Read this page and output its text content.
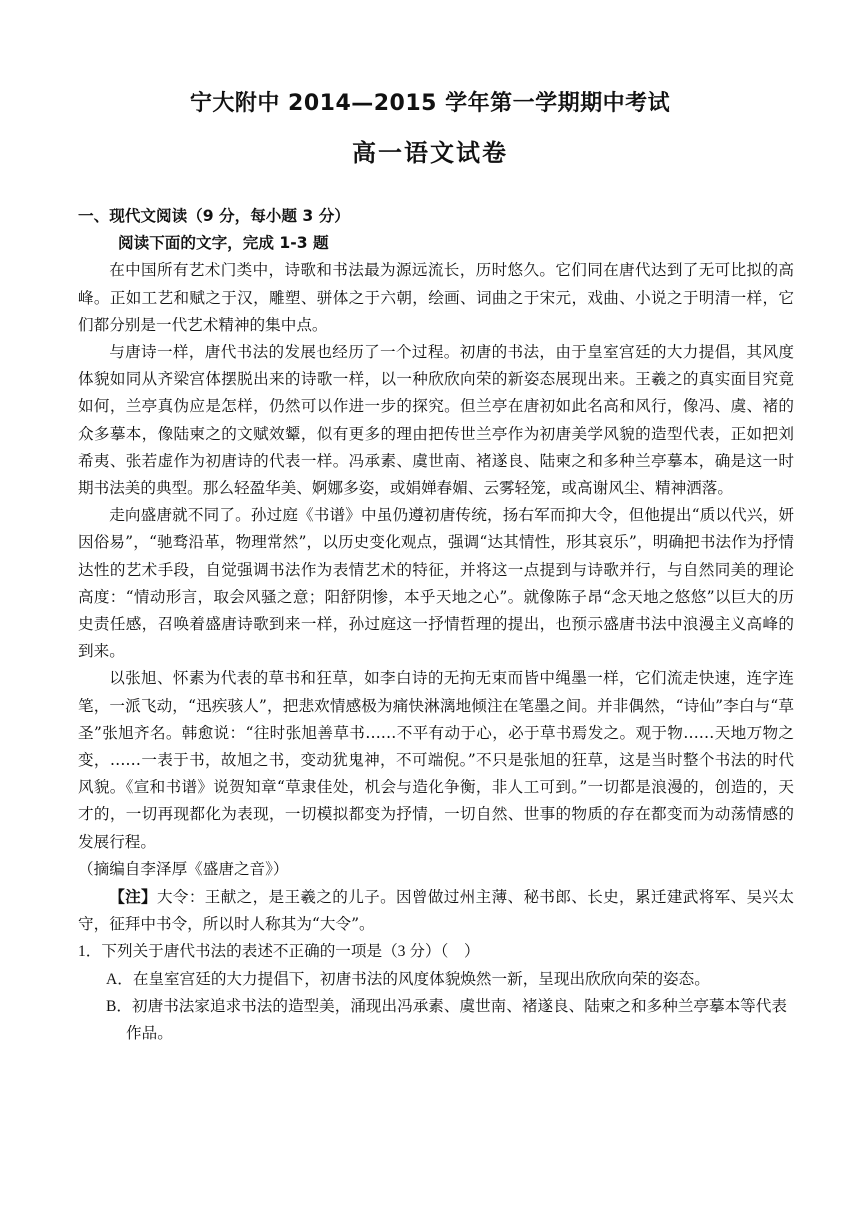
宁大附中 2014—2015 学年第一学期期中考试
高一语文试卷

一、现代文阅读（9 分，每小题 3 分）

阅读下面的文字，完成 1-3 题

在中国所有艺术门类中，诗歌和书法最为源远流长，历时悠久。它们同在唐代达到了无可比拟的高峰。正如工艺和赋之于汉，雕塑、骈体之于六朝，绘画、词曲之于宋元，戏曲、小说之于明清一样，它们都分别是一代艺术精神的集中点。

与唐诗一样，唐代书法的发展也经历了一个过程。初唐的书法，由于皇室宫廷的大力提倡，其风度体貌如同从齐梁宫体摆脱出来的诗歌一样，以一种欣欣向荣的新姿态展现出来。王羲之的真实面目究竟如何，兰亭真伪应是怎样，仍然可以作进一步的探究。但兰亭在唐初如此名高和风行，像冯、虞、褚的众多摹本，像陆柬之的文赋效颦，似有更多的理由把传世兰亭作为初唐美学风貌的造型代表，正如把刘希夷、张若虚作为初唐诗的代表一样。冯承素、虞世南、褚遂良、陆柬之和多种兰亭摹本，确是这一时期书法美的典型。那么轻盈华美、婀娜多姿，或娟婵春媚、云雾轻笼，或高谢风尘、精神洒落。

走向盛唐就不同了。孙过庭《书谱》中虽仍遵初唐传统，扬右军而抑大令，但他提出“质以代兴，妍因俗易”，“驰骛沿革，物理常然”，以历史变化观点，强调“达其情性，形其哀乐”，明确把书法作为抒情达性的艺术手段，自觉强调书法作为表情艺术的特征，并将这一点提到与诗歌并行，与自然同美的理论高度：“情动形言，取会风骚之意；阳舒阴惨，本乎天地之心”。就像陈子昂“念天地之悠悠”以巨大的历史责任感，召唤着盛唐诗歌到来一样，孙过庭这一抒情哲理的提出，也预示盛唐书法中浪漫主义高峰的到来。

以张旭、怀素为代表的草书和狂草，如李白诗的无拘无束而皆中绳墨一样，它们流走快速，连字连笔，一派飞动，“迅疾骇人”，把悲欢情感极为痛快淋漓地倾注在笔墨之间。并非偶然，“诗仙”李白与“草圣”张旭齐名。韩愈说：“往时张旭善草书……不平有动于心，必于草书焉发之。观于物……天地万物之变，……一表于书，故旭之书，变动犹鬼神，不可端倪。”不只是张旭的狂草，这是当时整个书法的时代风貌。《宣和书谱》说贺知章“草隶佳处，机会与造化争衡，非人工可到。”一切都是浪漫的，创造的，天才的，一切再现都化为表现，一切模拟都变为抒情，一切自然、世事的物质的存在都变而为动荡情感的发展行程。

（摘编自李泽厚《盛唐之音》）

【注】大令：王献之，是王羲之的儿子。因曾做过州主薄、秘书郎、长史，累迁建武将军、吴兴太守，征拜中书令，所以时人称其为“大令”。

1．下列关于唐代书法的表述不正确的一项是（3 分）（　）

A．在皇室宫廷的大力提倡下，初唐书法的风度体貌焕然一新，呈现出欣欣向荣的姿态。

B．初唐书法家追求书法的造型美，涌现出冯承素、虞世南、褚遂良、陆柬之和多种兰亭摹本等代表作品。
